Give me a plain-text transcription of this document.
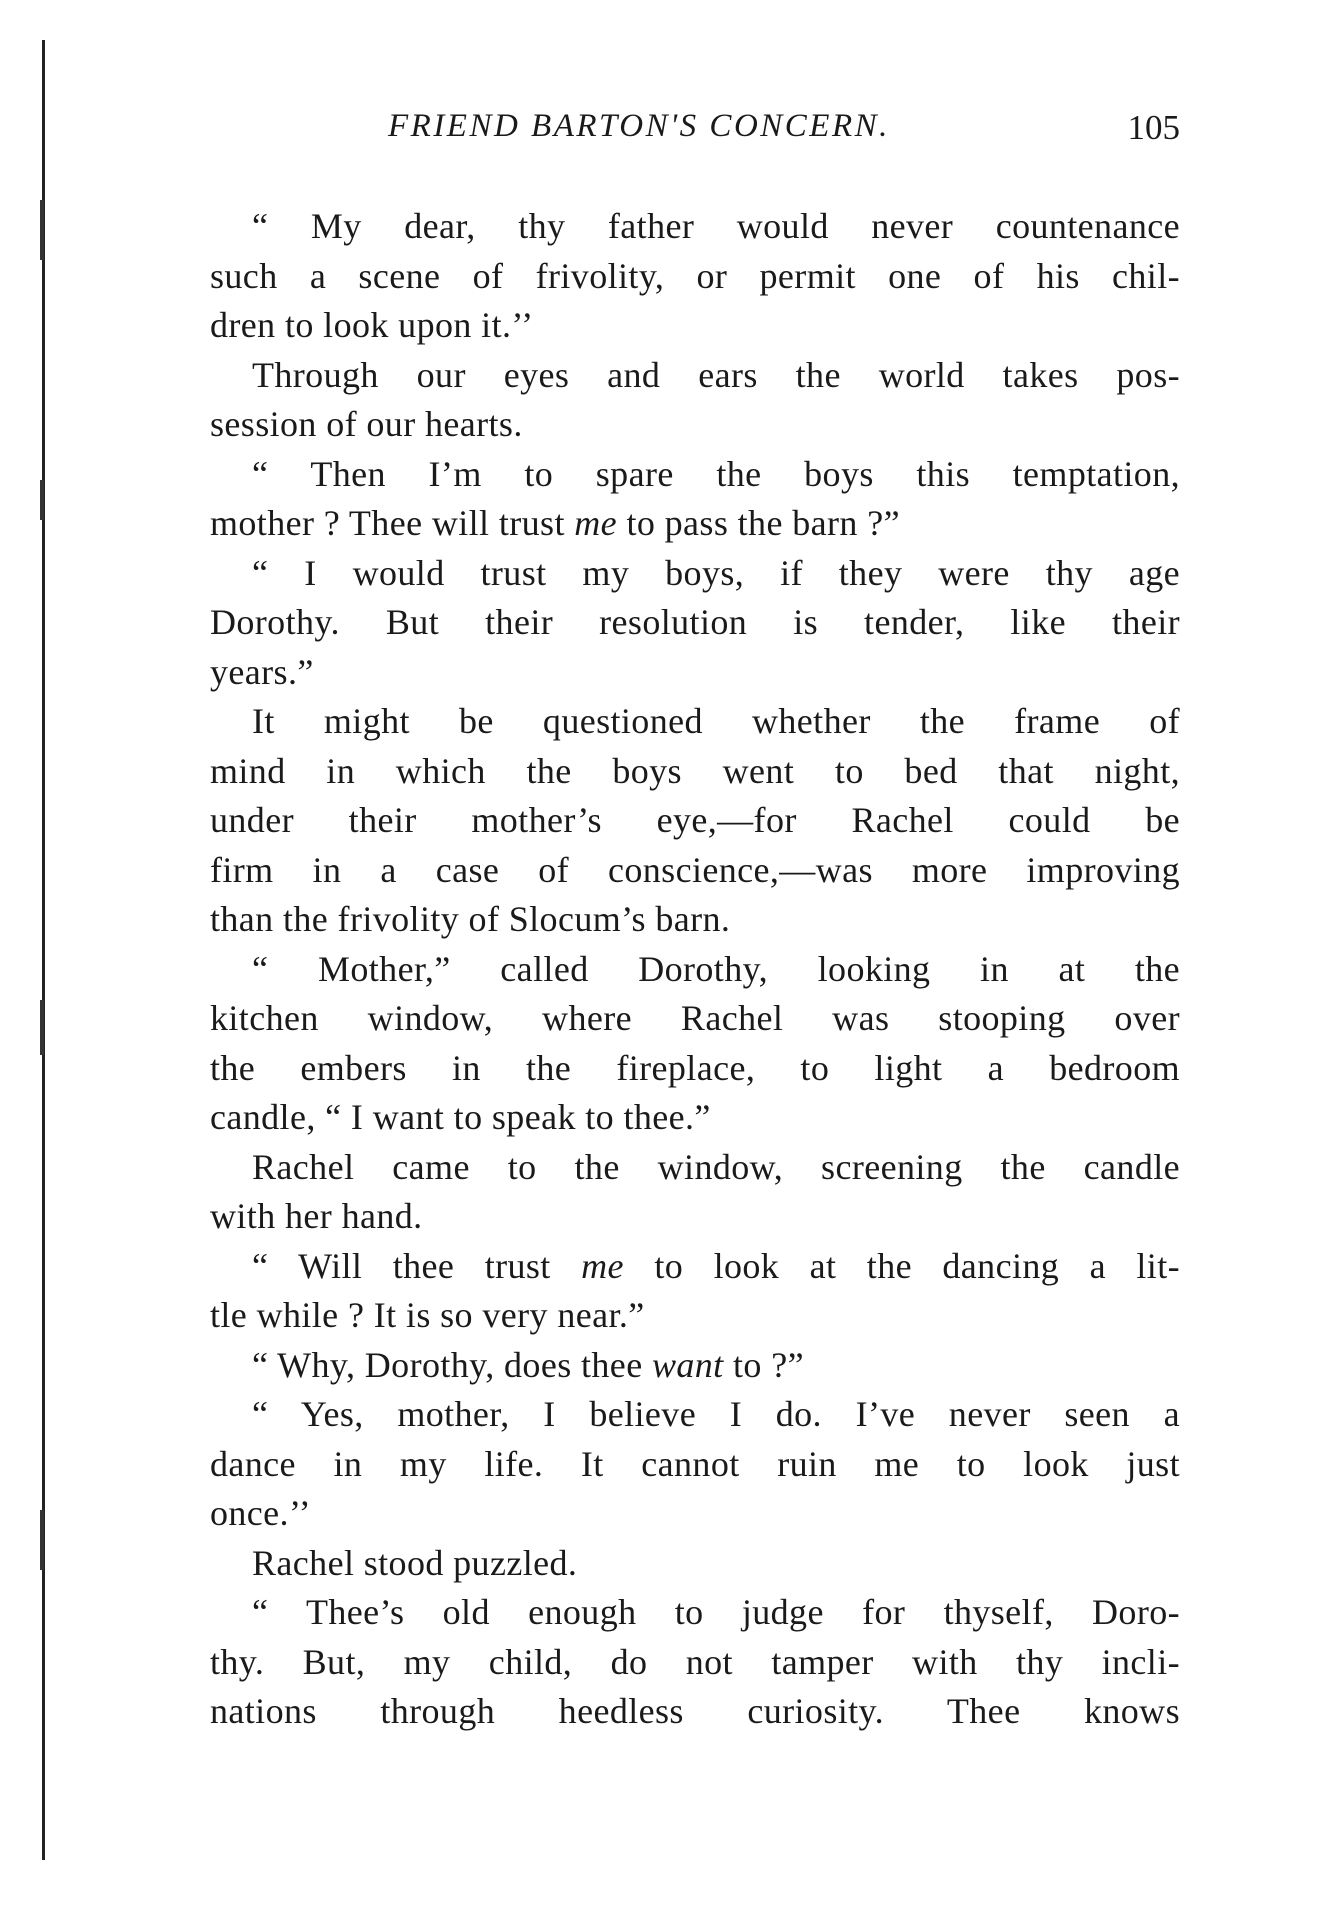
FRIEND BARTON'S CONCERN.	105
“ My dear, thy father would never countenance
such a scene of frivolity, or permit one of his chil-
dren to look upon it.’’
Through our eyes and ears the world takes pos-
session of our hearts.
“ Then I’m to spare the boys this temptation,
mother ? Thee will trust me to pass the barn ?”
“ I would trust my boys, if they were thy age
Dorothy. But their resolution is tender, like their
years.”
It might be questioned whether the frame of
mind in which the boys went to bed that night,
under their mother’s eye,—for Rachel could be
firm in a case of conscience,—was more improving
than the frivolity of Slocum’s barn.
“ Mother,” called Dorothy, looking in at the
kitchen window, where Rachel was stooping over
the embers in the fireplace, to light a bedroom
candle, “ I want to speak to thee.”
Rachel came to the window, screening the candle
with her hand.
“ Will thee trust me to look at the dancing a lit-
tle while ? It is so very near.”
“ Why, Dorothy, does thee want to ?”
“ Yes, mother, I believe I do. I’ve never seen a
dance in my life. It cannot ruin me to look just
once.’’
Rachel stood puzzled.
“ Thee’s old enough to judge for thyself, Doro-
thy. But, my child, do not tamper with thy incli-
nations through heedless curiosity. Thee knows
